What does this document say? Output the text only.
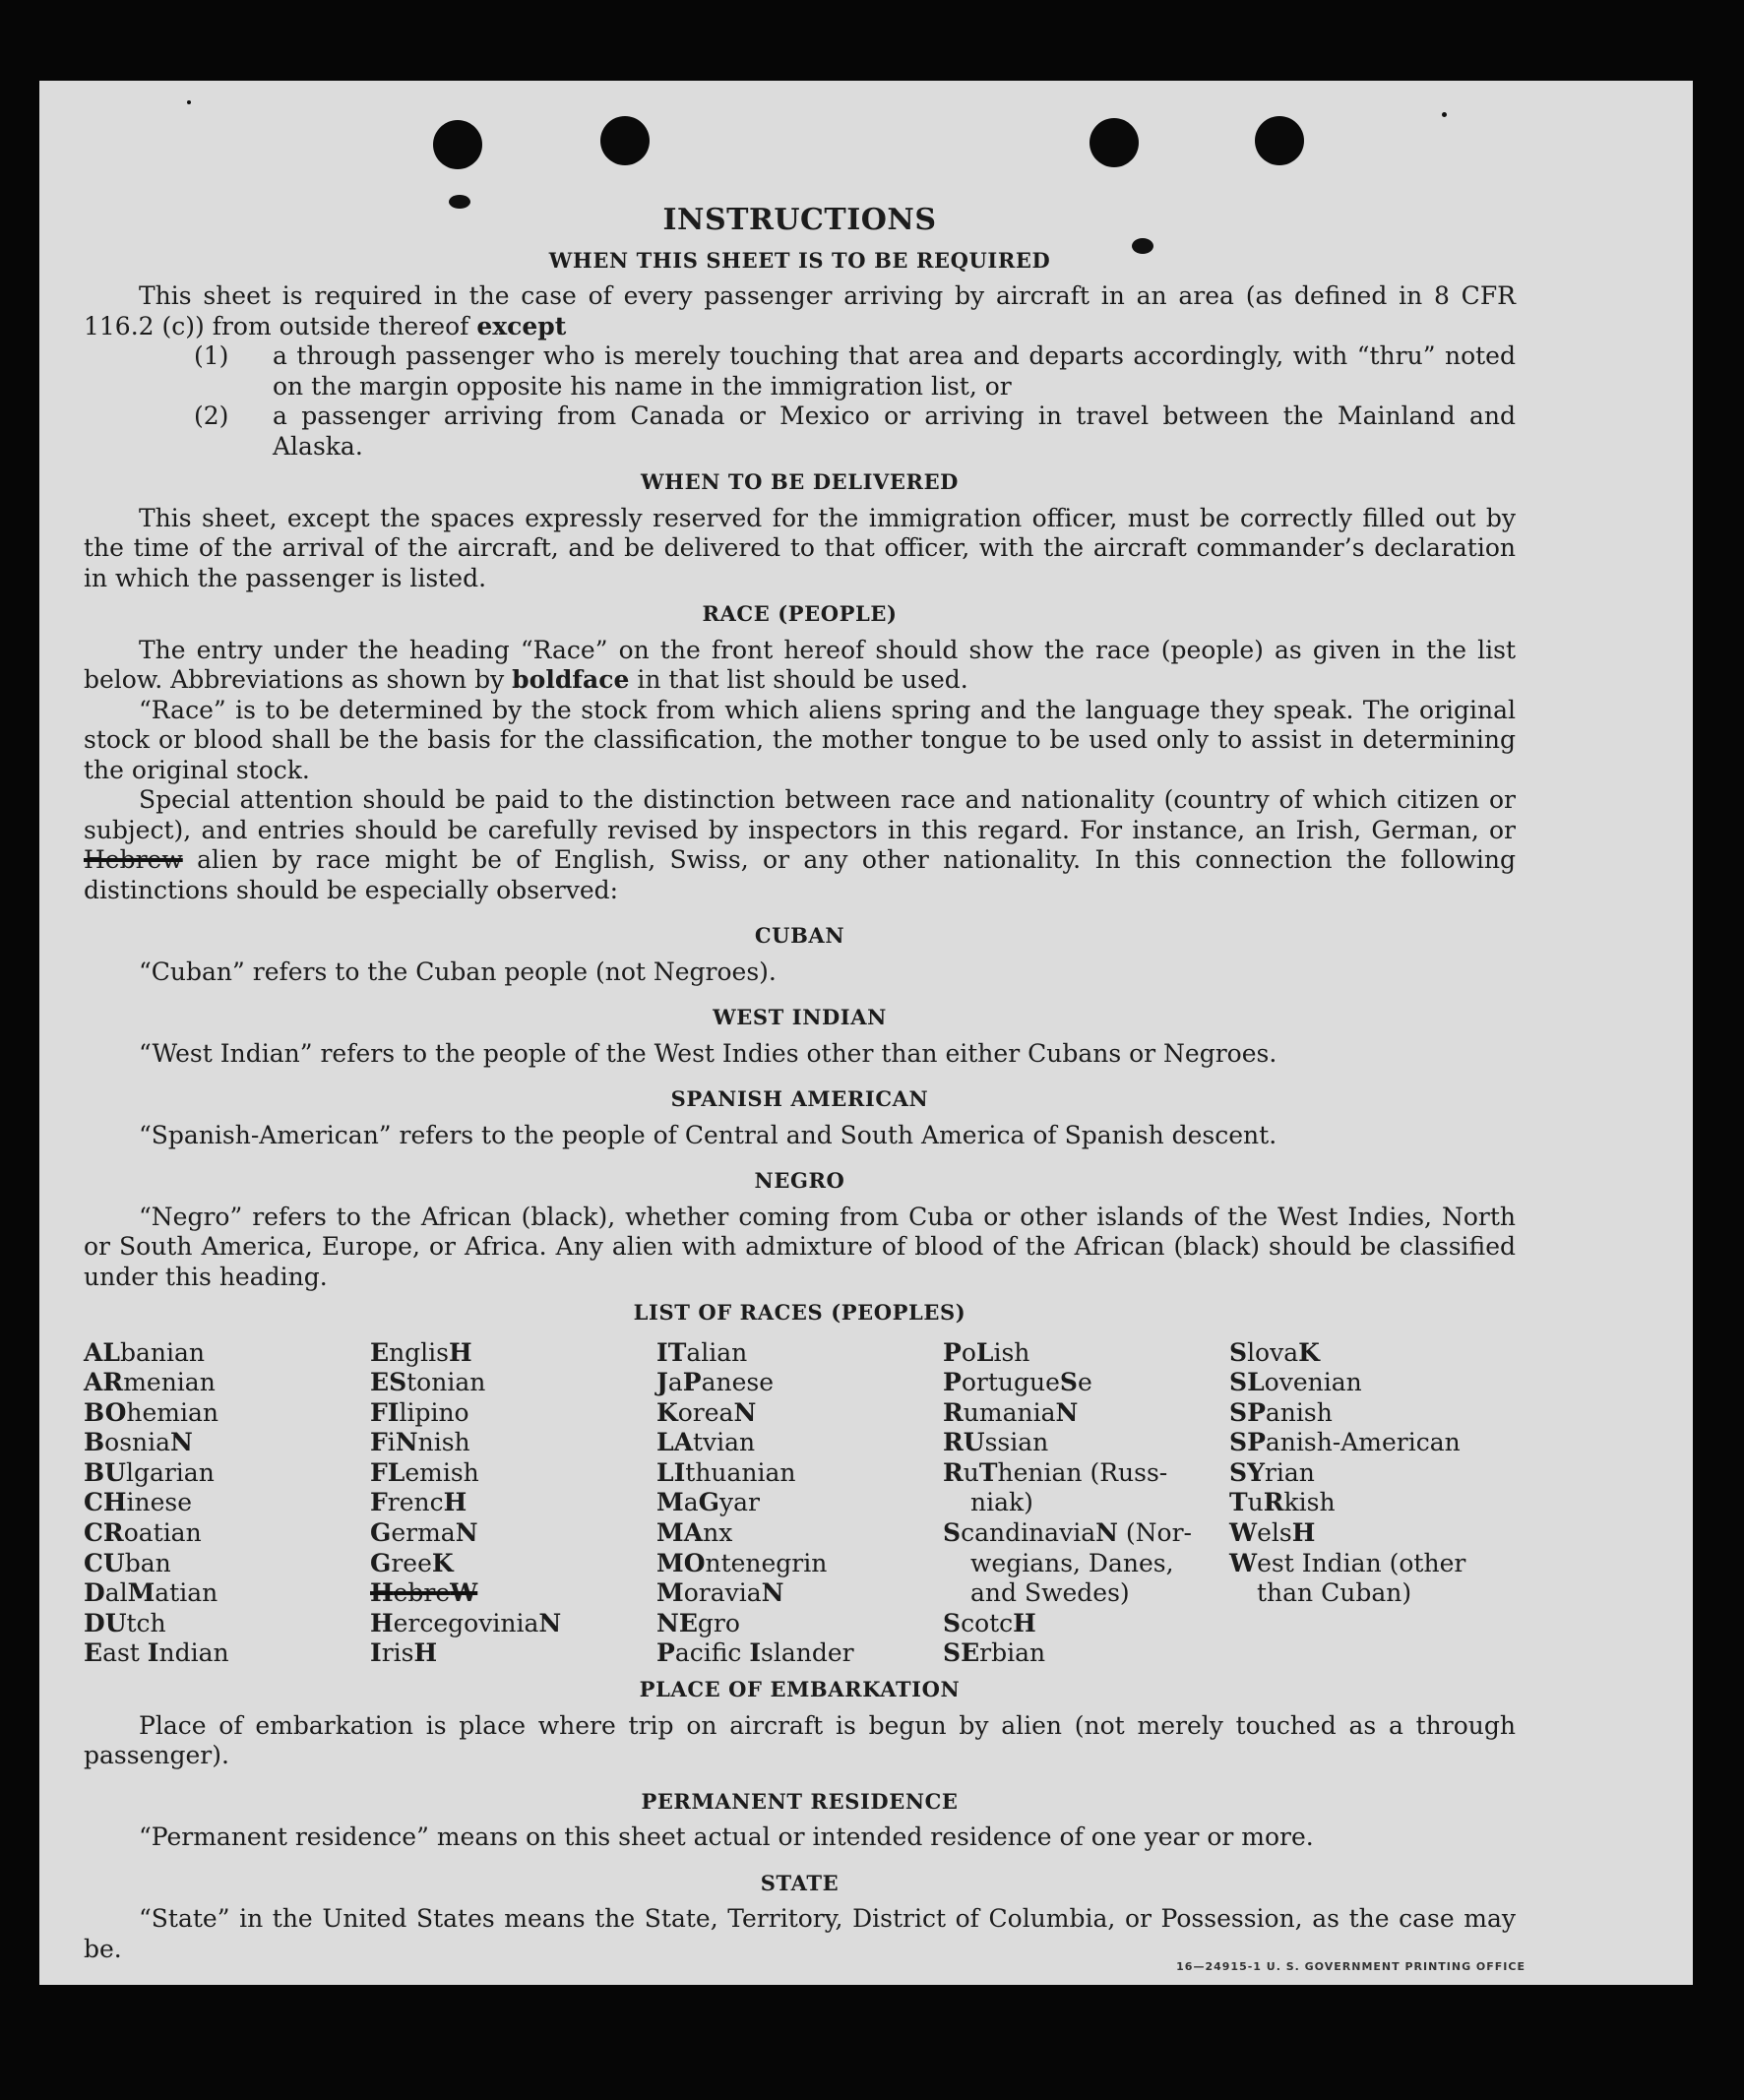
INSTRUCTIONS
WHEN THIS SHEET IS TO BE REQUIRED

This sheet is required in the case of every passenger arriving by aircraft in an area (as defined in 8 CFR 116.2 (c)) from outside thereof except

(1)	a through passenger who is merely touching that area and departs accordingly, with “thru” noted on the margin opposite his name in the immigration list, or
(2)	a passenger arriving from Canada or Mexico or arriving in travel between the Mainland and Alaska.
WHEN TO BE DELIVERED

This sheet, except the spaces expressly reserved for the immigration officer, must be correctly filled out by the time of the arrival of the aircraft, and be delivered to that officer, with the aircraft commander’s declaration in which the passenger is listed.

RACE (PEOPLE)

The entry under the heading “Race” on the front hereof should show the race (people) as given in the list below. Abbreviations as shown by boldface in that list should be used.

“Race” is to be determined by the stock from which aliens spring and the language they speak. The original stock or blood shall be the basis for the classification, the mother tongue to be used only to assist in determining the original stock.

Special attention should be paid to the distinction between race and nationality (country of which citizen or subject), and entries should be carefully revised by inspectors in this regard. For instance, an Irish, German, or Hebrew alien by race might be of English, Swiss, or any other nationality. In this connection the following distinctions should be especially observed:

CUBAN

“Cuban” refers to the Cuban people (not Negroes).

WEST INDIAN

“West Indian” refers to the people of the West Indies other than either Cubans or Negroes.

SPANISH AMERICAN

“Spanish-American” refers to the people of Central and South America of Spanish descent.

NEGRO

“Negro” refers to the African (black), whether coming from Cuba or other islands of the West Indies, North or South America, Europe, or Africa. Any alien with admixture of blood of the African (black) should be classified under this heading.

LIST OF RACES (PEOPLES)
ALbanian
ARmenian
BOhemian
BosniaN
BUlgarian
CHinese
CRoatian
CUban
DalMatian
DUtch
East Indian
EnglisH
EStonian
FIlipino
FiNnish
FLemish
FrencH
GermaN
GreeK
HebreW
HercegoviniaN
IrisH
ITalian
JaPanese
KoreaN
LAtvian
LIthuanian
MaGyar
MAnx
MOntenegrin
MoraviaN
NEgro
Pacific Islander
PoLish
PortugueSe
RumaniaN
RUssian
RuThenian (Russ-
niak)
ScandinaviaN (Nor-
wegians, Danes,
and Swedes)
ScotcH
SErbian
SlovaK
SLovenian
SPanish
SPanish-American
SYrian
TuRkish
WelsH
West Indian (other
than Cuban)
PLACE OF EMBARKATION

Place of embarkation is place where trip on aircraft is begun by alien (not merely touched as a through passenger).

PERMANENT RESIDENCE

“Permanent residence” means on this sheet actual or intended residence of one year or more.

STATE

“State” in the United States means the State, Territory, District of Columbia, or Possession, as the case may be.

16—24915-1 U. S. GOVERNMENT PRINTING OFFICE
